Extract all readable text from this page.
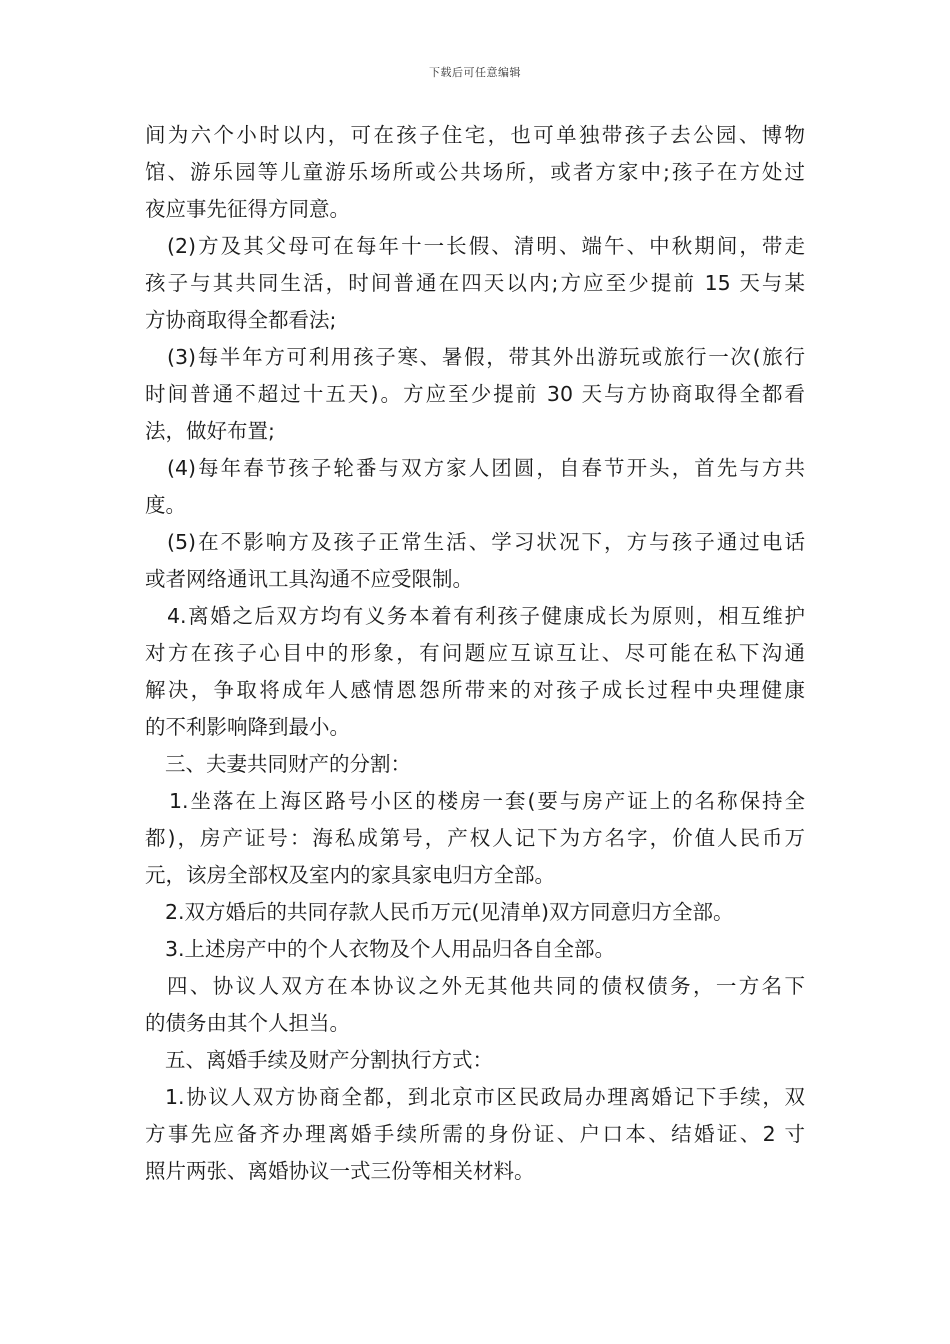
下载后可任意编辑
间为六个小时以内，可在孩子住宅，也可单独带孩子去公园、博物
馆、游乐园等儿童游乐场所或公共场所，或者方家中;孩子在方处过
夜应事先征得方同意。
(2)方及其父母可在每年十一长假、清明、端午、中秋期间，带走
孩子与其共同生活，时间普通在四天以内;方应至少提前 15 天与某
方协商取得全都看法;
(3)每半年方可利用孩子寒、暑假，带其外出游玩或旅行一次(旅行
时间普通不超过十五天)。方应至少提前 30 天与方协商取得全都看
法，做好布置;
(4)每年春节孩子轮番与双方家人团圆，自春节开头，首先与方共
度。
(5)在不影响方及孩子正常生活、学习状况下，方与孩子通过电话
或者网络通讯工具沟通不应受限制。
4.离婚之后双方均有义务本着有利孩子健康成长为原则，相互维护
对方在孩子心目中的形象，有问题应互谅互让、尽可能在私下沟通
解决，争取将成年人感情恩怨所带来的对孩子成长过程中央理健康
的不利影响降到最小。
三、夫妻共同财产的分割：
1.坐落在上海区路号小区的楼房一套(要与房产证上的名称保持全
都)，房产证号：海私成第号，产权人记下为方名字，价值人民币万
元，该房全部权及室内的家具家电归方全部。
2.双方婚后的共同存款人民币万元(见清单)双方同意归方全部。
3.上述房产中的个人衣物及个人用品归各自全部。
四、协议人双方在本协议之外无其他共同的债权债务，一方名下
的债务由其个人担当。
五、离婚手续及财产分割执行方式：
1.协议人双方协商全都，到北京市区民政局办理离婚记下手续，双
方事先应备齐办理离婚手续所需的身份证、户口本、结婚证、2 寸
照片两张、离婚协议一式三份等相关材料。
